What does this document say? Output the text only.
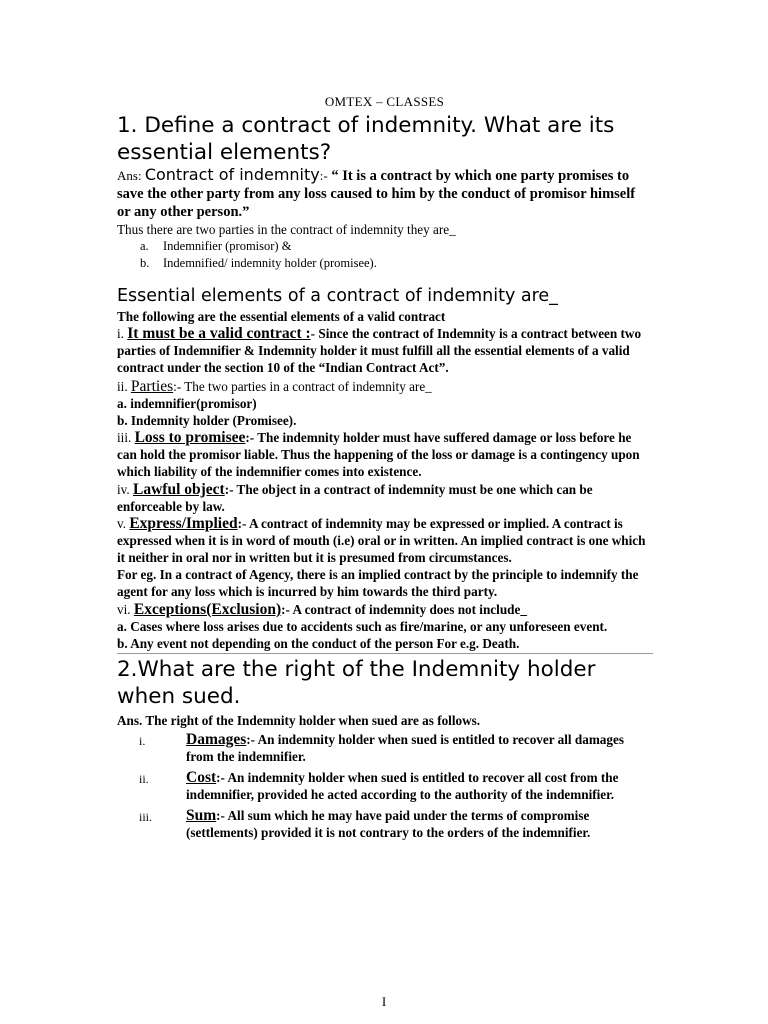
OMTEX – CLASSES
1. Define a contract of indemnity. What are its essential elements?

Ans: Contract of indemnity:- “ It is a contract by which one party promises to save the other party from any loss caused to him by the conduct of promisor himself or any other person.”

Thus there are two parties in the contract of indemnity they are_

a. Indemnifier (promisor) &
b. Indemnified/ indemnity holder (promisee).
Essential elements of a contract of indemnity are_

The following are the essential elements of a valid contract

i. It must be a valid contract :- Since the contract of Indemnity is a contract between two parties of Indemnifier & Indemnity holder it must fulfill all the essential elements of a valid contract under the section 10 of the “Indian Contract Act”.

ii. Parties:- The two parties in a contract of indemnity are_

a. indemnifier(promisor)

b. Indemnity holder (Promisee).

iii. Loss to promisee:- The indemnity holder must have suffered damage or loss before he can hold the promisor liable. Thus the happening of the loss or damage is a contingency upon which liability of the indemnifier comes into existence.

iv. Lawful object:- The object in a contract of indemnity must be one which can be enforceable by law.

v. Express/Implied:- A contract of indemnity may be expressed or implied. A contract is expressed when it is in word of mouth (i.e) oral or in written. An implied contract is one which it neither in oral nor in written but it is presumed from circumstances.

For eg. In a contract of Agency, there is an implied contract by the principle to indemnify the agent for any loss which is incurred by him towards the third party.

vi. Exceptions(Exclusion):- A contract of indemnity does not include_

a. Cases where loss arises due to accidents such as fire/marine, or any unforeseen event.

b. Any event not depending on the conduct of the person For e.g. Death.

2.What are the right of the Indemnity holder when sued.

Ans. The right of the Indemnity holder when sued are as follows.

i.	Damages:- An indemnity holder when sued is entitled to recover all damages from the indemnifier.
ii. Cost:- An indemnity holder when sued is entitled to recover all cost from the indemnifier, provided he acted according to the authority of the indemnifier.
iii. Sum:- All sum which he may have paid under the terms of compromise (settlements) provided it is not contrary to the orders of the indemnifier.
I
